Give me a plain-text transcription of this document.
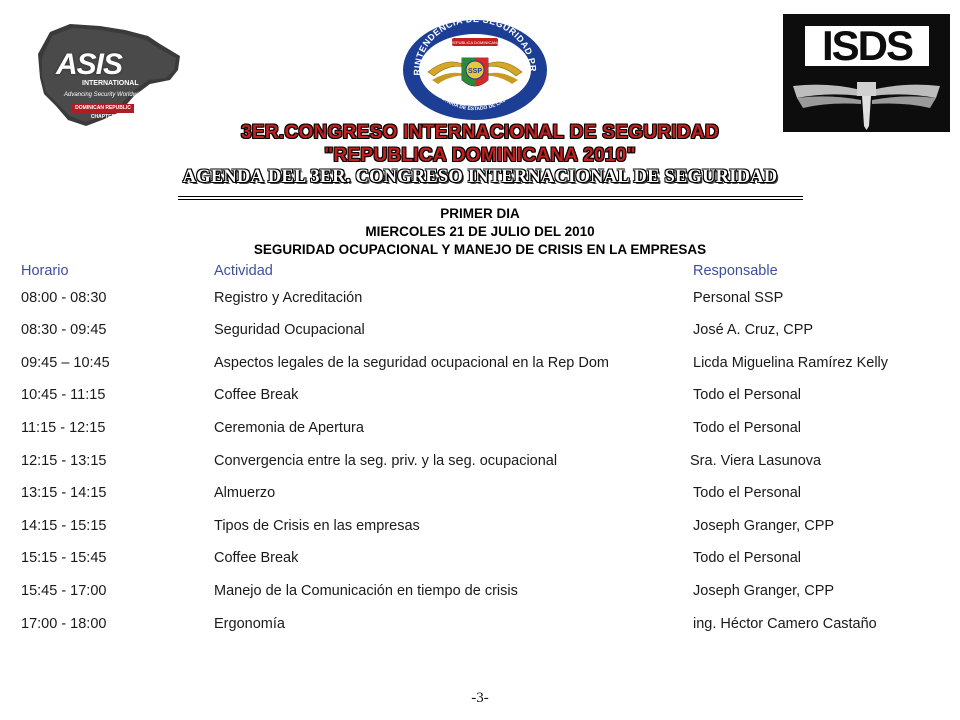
ASIS
INTERNATIONAL
Advancing Security Worldwide
DOMINICAN REPUBLIC CHAPTER
RINTENDENCIA DE SEGURIDAD PR
SECRETARIA DE ESTADO DE LAS FF.AA.
SSP
REPUBLICA DOMINICANA	ISDS
3ER.CONGRESO INTERNACIONAL DE SEGURIDAD
"REPUBLICA DOMINICANA 2010"
AGENDA DEL 3ER. CONGRESO INTERNACIONAL DE SEGURIDAD
PRIMER DIA
MIERCOLES 21 DE JULIO DEL 2010
SEGURIDAD OCUPACIONAL Y MANEJO DE CRISIS EN LA EMPRESAS
Horario	Actividad	Responsable
08:00 - 08:30	Registro y Acreditación	Personal SSP
08:30 - 09:45	Seguridad Ocupacional	José A. Cruz, CPP
09:45 – 10:45	Aspectos legales de la seguridad ocupacional en la Rep Dom	Licda Miguelina Ramírez Kelly
10:45 - 11:15	Coffee Break	Todo el Personal
11:15 - 12:15	Ceremonia de Apertura	Todo el Personal
12:15 - 13:15	Convergencia entre la seg. priv. y la seg. ocupacional	Sra. Viera Lasunova
13:15 - 14:15	Almuerzo	Todo el Personal
14:15 - 15:15	Tipos de Crisis en las empresas	Joseph Granger, CPP
15:15 - 15:45	Coffee Break	Todo el Personal
15:45 - 17:00	Manejo de la Comunicación en tiempo de crisis	Joseph Granger, CPP
17:00 - 18:00	Ergonomía	ing. Héctor Camero Castaño
-3-
